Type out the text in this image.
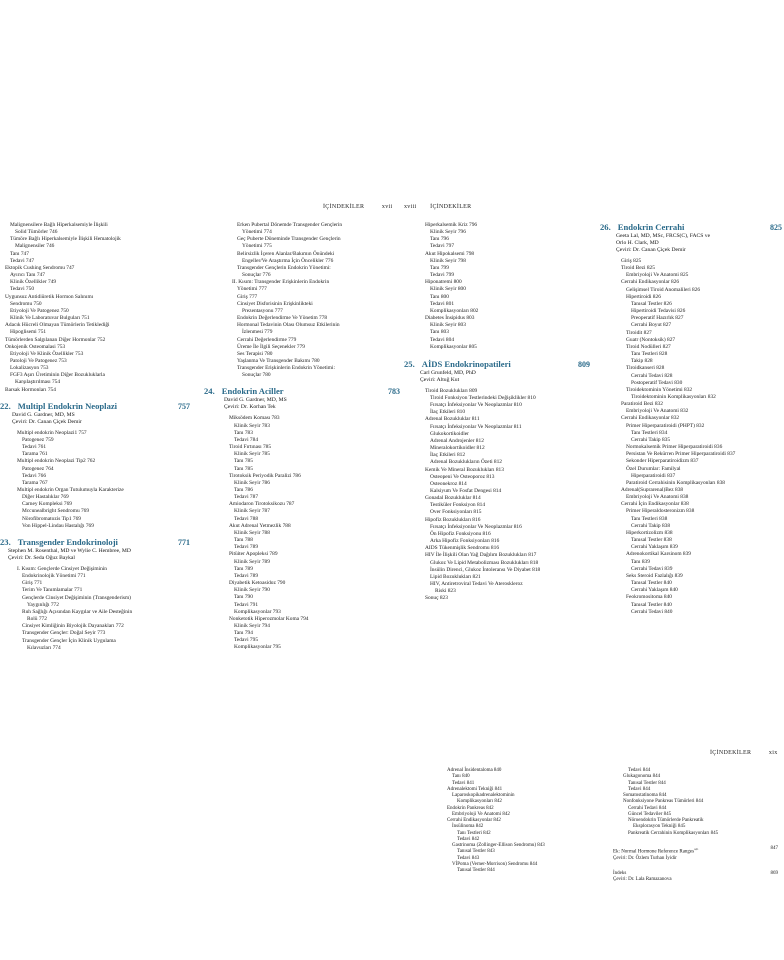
İÇİNDEKİLER	xvii xviii İÇİNDEKİLER
İÇİNDEKİLER	xix
Malignensilere Bağlı Hiperkalsemiyle İlişkili
Solid Tümörler 746
Tümöre Bağlı Hiperkalsemiyle İlişkili Hematolojik
Malignensiler 746
Tanı 747
Tedavi 747
Ektopik Cushing Sendromu 747
Ayırıcı Tanı 747
Klinik Özellikler 749
Tedavi 750
Uygunsuz Antidiüretik Hormon Salınımı
Sendromu 750
Etiyoloji Ve Patogenez 750
Klinik Ve Laboratuvar Bulguları 751
Adacık Hücreli Olmayan Tümörlerin Tetiklediği
Hipoglisemi 751
Tümörlerden Salgılanan Diğer Hormonlar 752
Onkojenik Osteomalasi 753
Etiyoloji Ve Klinik Özellikler 753
Patoloji Ve Patogenez 753
Lokalizasyon 753
FGF3 Aşırı Üretiminin Diğer Bozukluklarla
Karşılaştırılması 754
Barsak Hormonları 754
22. Multipl Endokrin Neoplazi	757
David G. Gardner, MD, MS
Çeviri: Dr. Canan Çiçek Demir
Multipl endokrin Neoplazi1 757
Patogenez 759
Tedavi 761
Tarama 761
Multipl endokrin Neoplazi Tip2 762
Patogenez 764
Tedavi 766
Tarama 767
Multipl endokrin Organ Tutulumuyla Karakterize
Diğer Hastalıklar 769
Carney Kompleksi 769
Mccunealbright Sendromu 769
Nörofibromatozis Tip1 769
Von Hippel-Lindau Hastalığı 769
23. Transgender Endokrinoloji	771
Stephen M. Rosenthal, MD ve Wylie C. Hembree, MD
Çeviri: Dr. Seda Oğuz Baykal
I. Kısım: Gençlerde Cinsiyet Değişiminin
Endokrinolojik Yönetimi 771
Giriş 771
Terim Ve Tanımlamalar 771
Gençlerde Cinsiyet Değişiminin (Transgenderism)
Yaygınlığı 772
Ruh Sağlığı Açısından Kaygılar ve Aile Desteğinin
Rolü 772
Cinsiyet Kimliğinin Biyolojik Dayanakları 772
Transgender Gençler: Doğal Seyir 773
Transgender Gençler İçin Klinik Uygulama
Kılavuzları 774
Erken Pubertal Dönemde Transgender Gençlerin
Yönetimi 774
Geç Puberte Döneminde Transgender Gençlerin
Yönetimi 775
Belirsizlik İçeren Alanlar/Bakımın Önündeki
Engeller/Ve Araştırma İçin Öncelikler 776
Transgender Gençlerin Endokrin Yönetimi:
Sonuçlar 776
II. Kısım: Transgender Erişkinlerin Endokrin
Yönetimi 777
Giriş 777
Cinsiyet Disforisinin Erişkinlikteki
Prezentasyonu 777
Endokrin Değerlendirme Ve Yönetim 778
Hormonal Tedavinin Olası Olumsuz Etkilerinin
İzlenmesi 779
Cerrahi Değerlendirme 779
Üreme İle İlgili Seçenekler 779
Ses Terapisi 780
Yaşlanma Ve Transgender Bakımı 780
Transgender Erişkinlerin Endokrin Yönetimi:
Sonuçlar 780
24. Endokrin Aciller	783
David G. Gardner, MD, MS
Çeviri: Dr. Korhan Tek
Miksödem Koması 783
Klinik Seyir 783
Tanı 783
Tedavi 784
Tiroid Fırtınası 785
Klinik Seyir 785
Tanı 785
Tanı 785
Tirotoksik Periyodik Paralizi 786
Klinik Seyir 786
Tanı 786
Tedavi 787
Amiodaron Tirotoksikozu 787
Klinik Seyir 787
Tedavi 788
Akut Adrenal Yetmezlik 788
Klinik Seyir 788
Tanı 788
Tedavi 789
Pitüiter Apopleksi 789
Klinik Seyir 789
Tanı 789
Tedavi 789
Diyabetik Ketoasidoz 790
Klinik Seyir 790
Tanı 790
Tedavi 791
Komplikasyonlar 793
Nonketotik Hiperozmolar Koma 794
Klinik Seyir 794
Tanı 794
Tedavi 795
Komplikasyonlar 795
Hiperkalsemik Kriz 796
Klinik Seyir 796
Tanı 796
Tedavi 797
Akut Hipokalsemi 798
Klinik Seyir 798
Tanı 799
Tedavi 799
Hiponatremi 800
Klinik Seyir 800
Tanı 800
Tedavi 801
Komplikasyonları 802
Diabetes İnsipidus 803
Klinik Seyir 803
Tanı 803
Tedavi 804
Komplikasyonlar 805
25. AİDS Endokrinopatileri	809
Carl Grunfeld, MD, PhD
Çeviri: Altuğ Kut
Tiroid Bozuklukları 809
Tiroid Fonksiyon Testlerindeki Değişiklikler 810
Fırsatçı İnfeksiyonlar Ve Neoplazmlar 810
İlaç Etkileri 810
Adrenal Bozukluklar 811
Fırsatçı İnfeksiyonlar Ve Neoplazmlar 811
Glukokortikoidler
Adrenal Androjenler 812
Mineralokortikoidler 812
İlaç Etkileri 812
Adrenal Bozuklukların Özeti 812
Kemik Ve Mineral Bozuklukları 813
Osteopeni Ve Osteoporoz 813
Osteonekroz 814
Kalsiyum Ve Fosfat Dengesi 814
Gonadal Bozukluklar 814
Testiküler Fonksiyon 814
Over Fonksiyonları 815
Hipofiz Bozuklukları 816
Fırsatçı İnfeksiyonlar Ve Neoplazmlar 816
Ön Hipofiz Fonksiyonu 816
Arka Hipofiz Fonksiyonları 816
AIDS Tükenmişlik Sendromu 816
HIV İle İlişkili Olan Yağ Dağılım Bozuklukları 817
Glukoz Ve Lipid Metabolizması Bozuklukları 818
İnsülin Direnci, Glukoz İntoleransı Ve Diyabet 818
Lipid Bozuklukları 821
HIV, Antiretroviral Tedavi Ve Ateroskleroz
Riski 823
Sonuç 823
26. Endokrin Cerrahi	825
Geeta Lal, MD, MSc, FRCS(C), FACS ve
Orlo H. Clark, MD
Çeviri: Dr. Canan Çiçek Demir
Giriş 825
Tiroid Bezi 825
Embriyoloji Ve Anatomi 825
Cerrahi Endikasyonlar 826
Gelişimsel Tiroid Anomalileri 826
Hipertiroidi 826
Tanısal Testler 826
Hipertiroidi Tedavisi 826
Preoperatif Hazırlık 827
Cerrahi Boyut 827
Tiroidit 827
Guatr (Nontoksik) 827
Tiroid Nodülleri 827
Tanı Testleri 828
Takip 828
Tiroidkanseri 828
Cerrahi Tedavi 828
Postoperatif Tedavi 830
Tiroidektominin Yönetimi 832
Tiroidektominin Komplikasyonları 832
Paratiroid Bezi 832
Embriyoloji Ve Anatomi 832
Cerrahi Endikasyonlar 832
Primer Hiperparatiroidi (PHPT) 832
Tanı Testleri 834
Cerrahi Takip 835
Normokalsemik Primer Hiperparatiroidi 836
Persistan Ve Rekürren Primer Hiperparatiroidi 837
Sekonder Hiperparatiroidizm 837
Özel Durumlar: Familyal
Hiperparatiroidi 837
Paratiroid Cerrahisinin Komplikasyonları 838
Adrenal(Suprarenal)Bez 838
Embriyoloji Ve Anatomi 838
Cerrahi İçin Endikasyonlar 838
Primer Hiperaldosteronizm 838
Tanı Testleri 838
Cerrahi Takip 838
Hiperkortizolizm 838
Tanısal Testler 838
Cerrahi Yaklaşım 839
Adrenokortikal Karsinom 839
Tanı 839
Cerrahi Tedavi 839
Seks Steroid Fazlalığı 839
Tanısal Testler 840
Cerrahi Yaklaşım 840
Feokromositoma 840
Tanısal Testler 840
Cerrahi Tedavi 840
Adrenal İnsidentaloma 840
Tanı 840
Tedavi 841
Adrenalektomi Tekniği 841
Laparoskopikadrenalektominin
Komplikasyonları 842
Endokrin Pankreas 842
Embriyoloji Ve Anatomi 842
Cerrahi Endikasyonlar 842
İnsülinoma 842
Tanı Testleri 842
Tedavi 842
Gastrinoma (Zollinger-Ellison Sendromu) 843
Tanısal Testler 843
Tedavi 843
VİPoma (Verner-Morrison) Sendromu 844
Tanısal Testler 844
Tedavi 844
Glukagonoma 844
Tanısal Testler 844
Tedavi 844
Somatostatinoma 844
Nonfonksiyone Pankreas Tümörleri 844
Cerrahi Tedavi 844
Güncel Tedaviler 845
Nöroendokrin Tümörlerde Pankreatik
Eksplorasyon Tekniği 845
Pankreatik Cerrahinin Komplikasyonları 845
Ek: Normal Hormone Reference Ranges$^{a,b}$	847
Çeviri: Dr. Özlem Turhan İyidir
İndeks	869
Çeviri: Dr. Lala Ramazanova
